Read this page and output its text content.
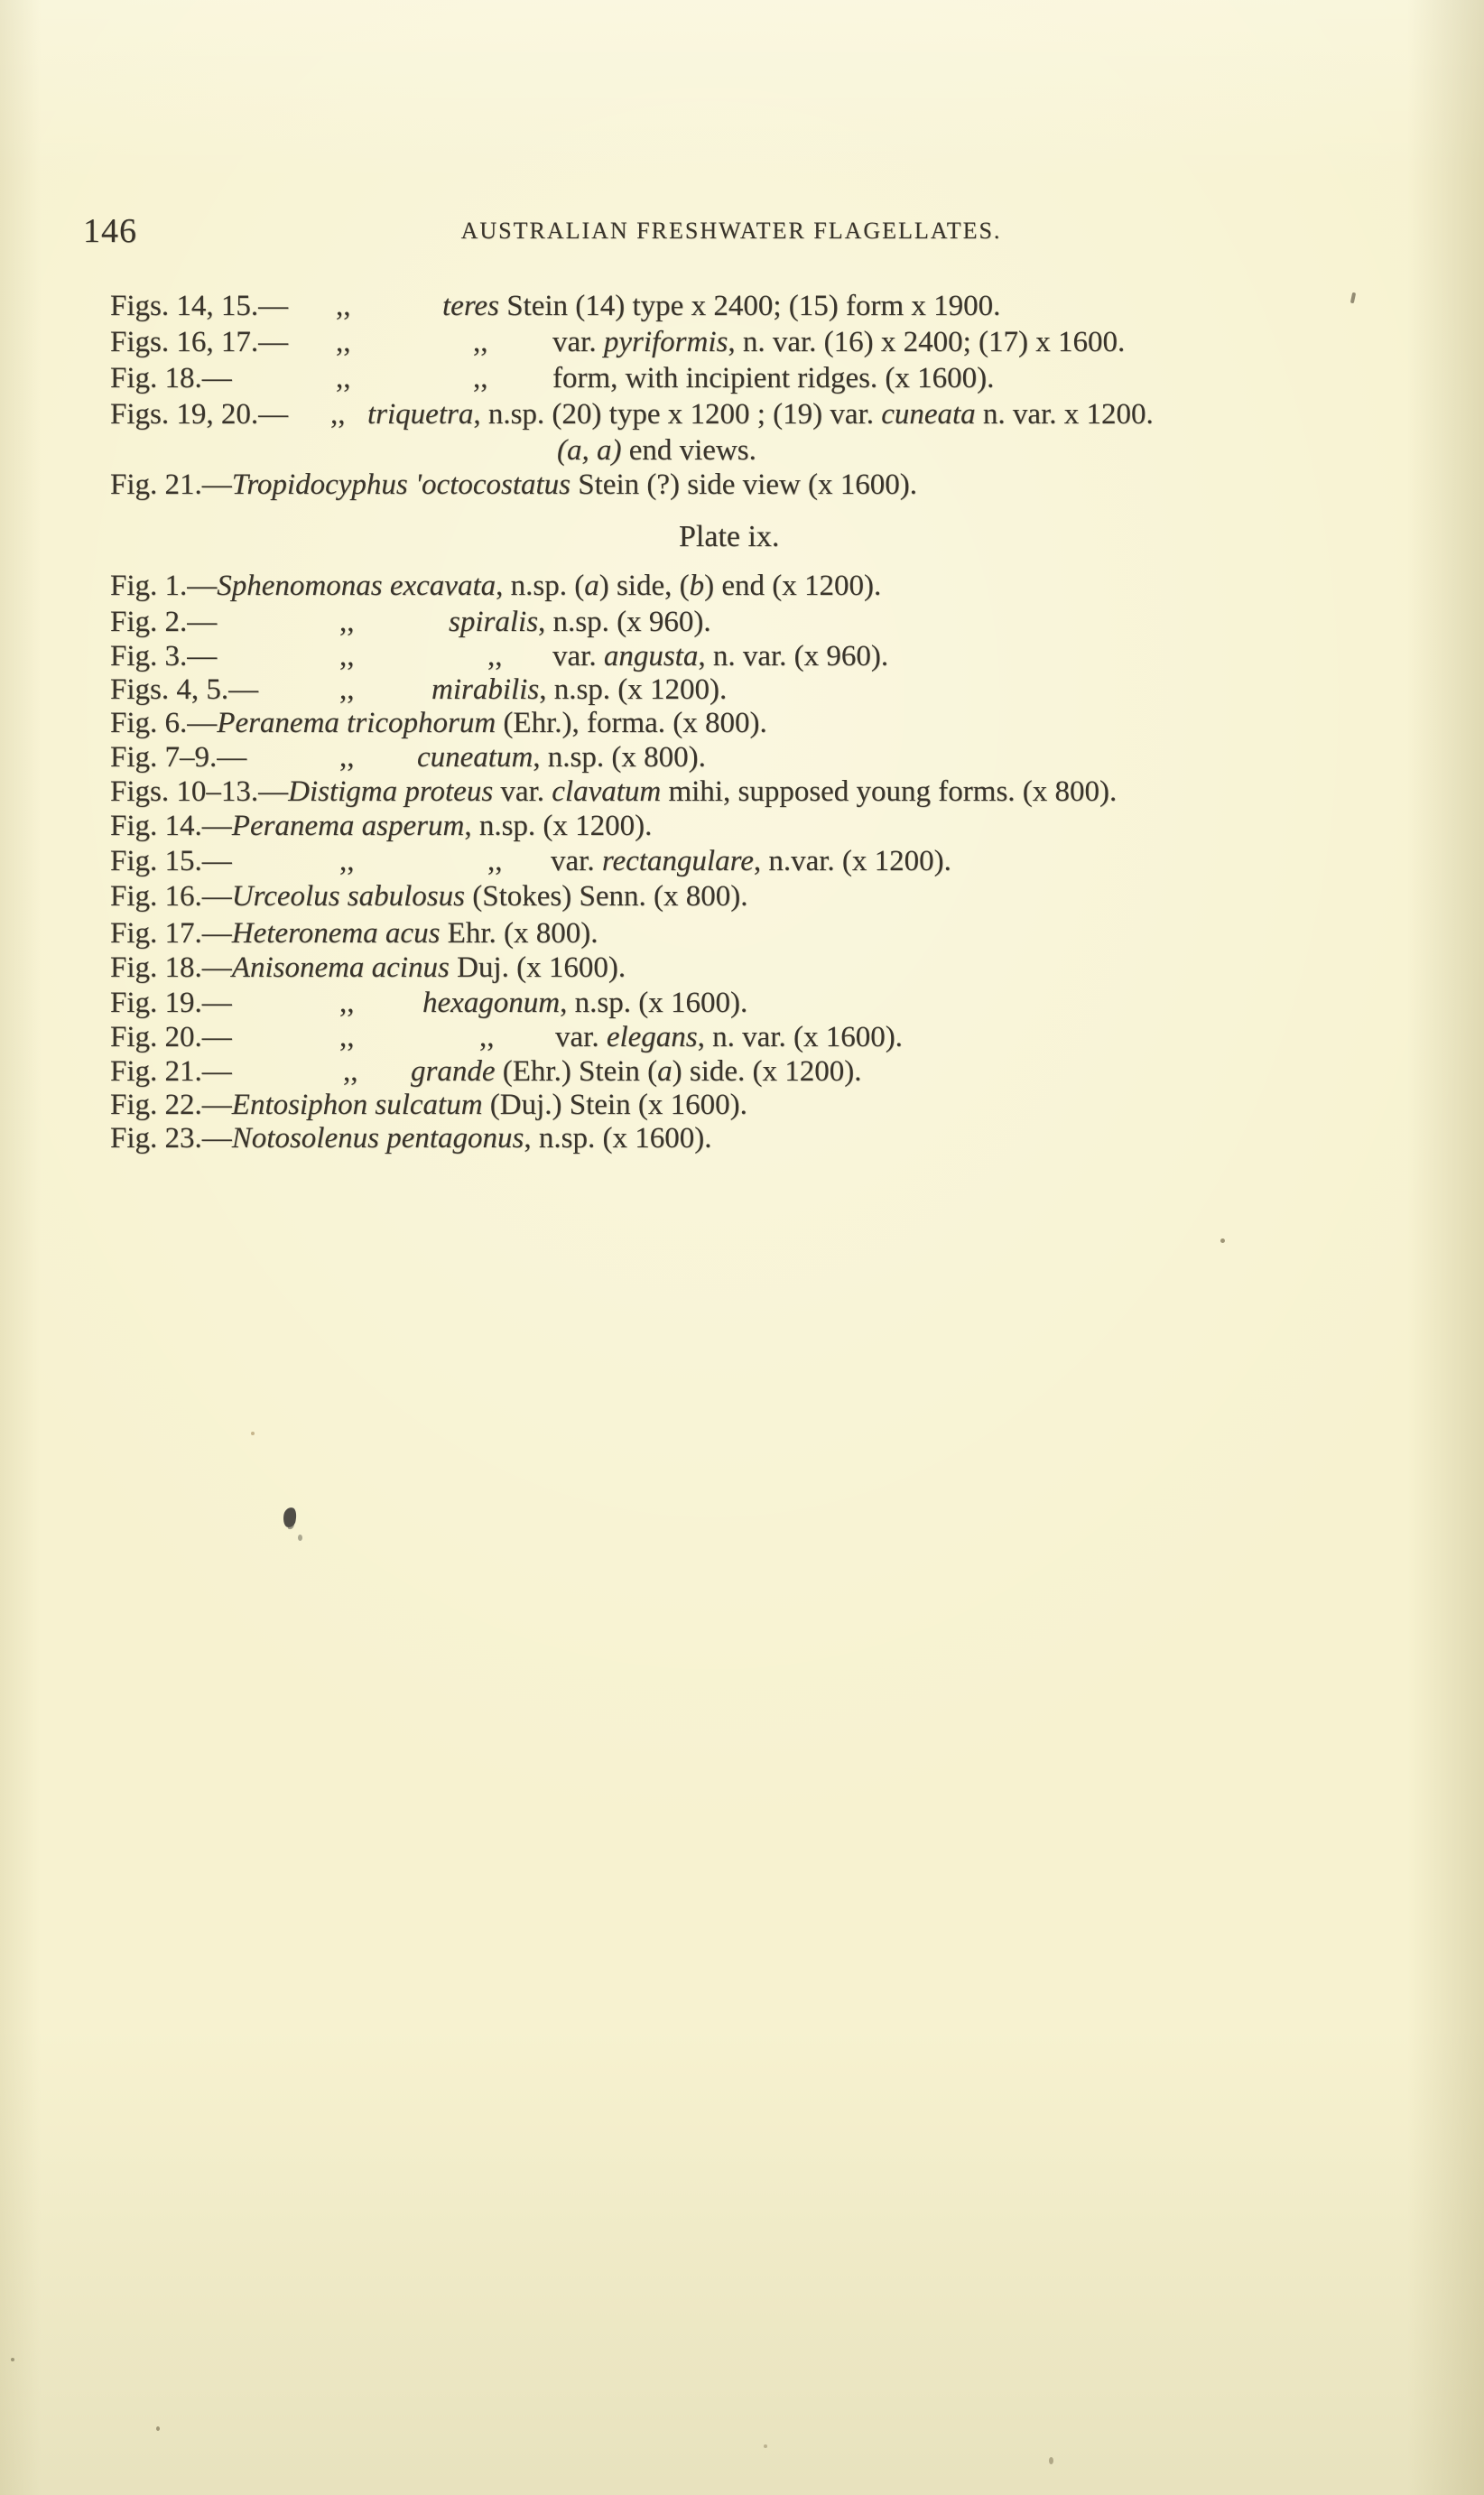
146	AUSTRALIAN FRESHWATER FLAGELLATES.
Figs. 14, 15.— ,,	teres Stein (14) type x 2400; (15) form x 1900.
Figs. 16, 17.— ,,	,, var. pyriformis, n. var. (16) x 2400; (17) x 1600.
Fig. 18.—	,,	,, form, with incipient ridges. (x 1600).
Figs. 19, 20.— ,, triquetra, n.sp. (20) type x 1200 ; (19) var. cuneata n. var. x 1200.
(a, a) end views.
Fig. 21.—Tropidocyphus 'octocostatus Stein (?) side view (x 1600).
Plate ix.
Fig. 1.—Sphenomonas excavata, n.sp. (a) side, (b) end (x 1200).
Fig. 2.—	,,	spiralis, n.sp. (x 960).
Fig. 3.—	,,	,, var. angusta, n. var. (x 960).
Figs. 4, 5.—	,,	mirabilis, n.sp. (x 1200).
Fig. 6.—Peranema tricophorum (Ehr.), forma. (x 800).
Fig. 7–9.—	,, cuneatum, n.sp. (x 800).
Figs. 10–13.—Distigma proteus var. clavatum mihi, supposed young forms. (x 800).
Fig. 14.—Peranema asperum, n.sp. (x 1200).
Fig. 15.—	,,	,, var. rectangulare, n.var. (x 1200).
Fig. 16.—Urceolus sabulosus (Stokes) Senn. (x 800).
Fig. 17.—Heteronema acus Ehr. (x 800).
Fig. 18.—Anisonema acinus Duj. (x 1600).
Fig. 19.—	,, hexagonum, n.sp. (x 1600).
Fig. 20.—	,,	,, var. elegans, n. var. (x 1600).
Fig. 21.—	,, grande (Ehr.) Stein (a) side. (x 1200).
Fig. 22.—Entosiphon sulcatum (Duj.) Stein (x 1600).
Fig. 23.—Notosolenus pentagonus, n.sp. (x 1600).
